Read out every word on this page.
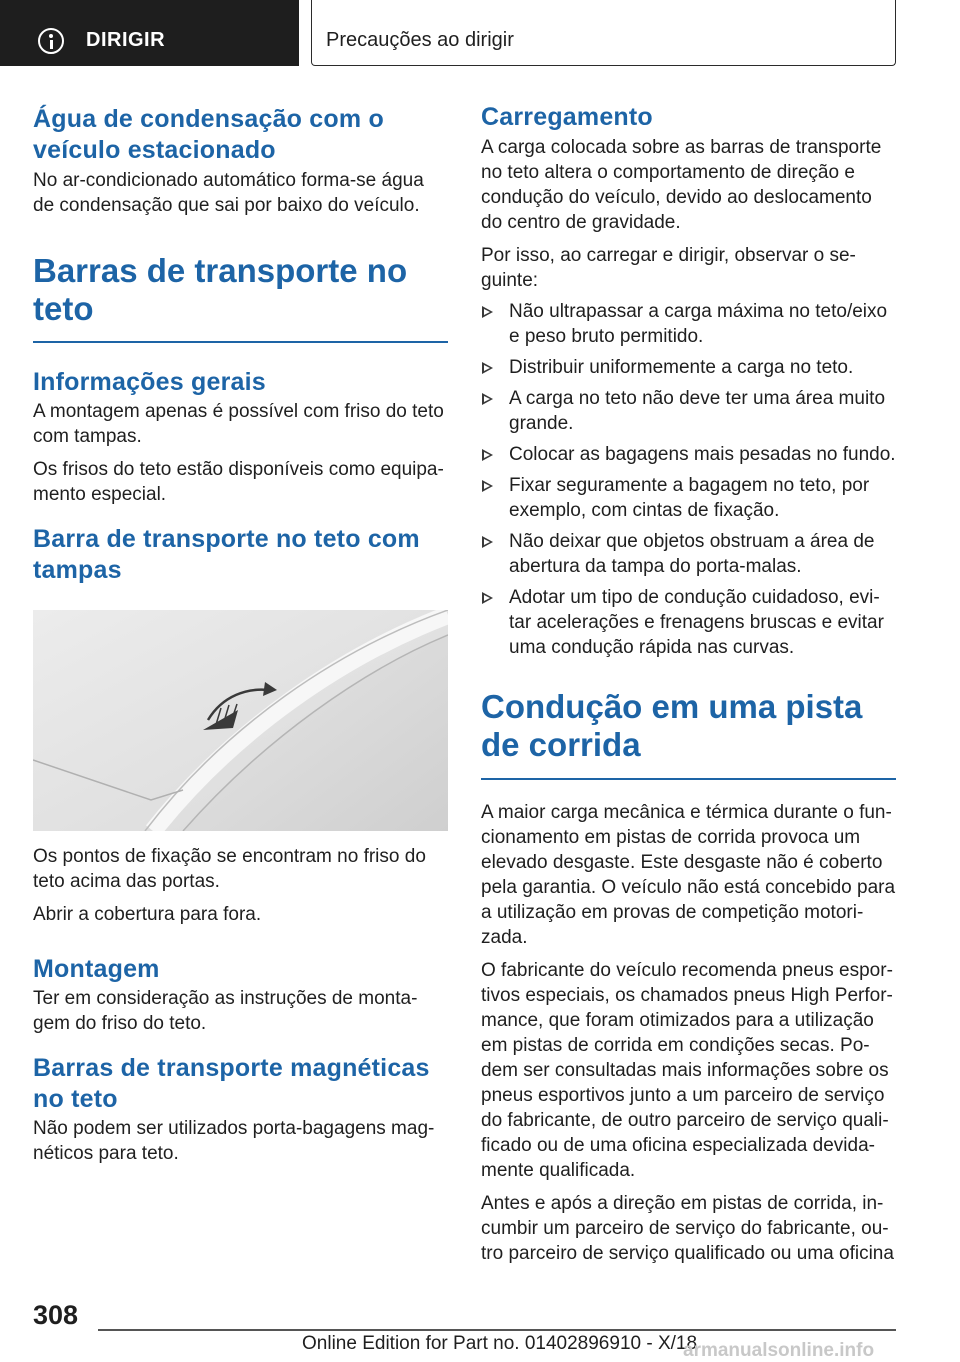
DIRIGIR	Precauções ao dirigir
Água de condensação com o veículo estacionado
No ar-condicionado automático forma-se água de condensação que sai por baixo do veículo.
Barras de transporte no teto
Informações gerais
A montagem apenas é possível com friso do teto com tampas.
Os frisos do teto estão disponíveis como equipa-mento especial.
Barra de transporte no teto com tampas
Os pontos de fixação se encontram no friso do teto acima das portas.
Abrir a cobertura para fora.
Montagem
Ter em consideração as instruções de monta-gem do friso do teto.
Barras de transporte magnéticas no teto
Não podem ser utilizados porta-bagagens mag-néticos para teto.
Carregamento
A carga colocada sobre as barras de transporte no teto altera o comportamento de direção e condução do veículo, devido ao deslocamento do centro de gravidade.
Por isso, ao carregar e dirigir, observar o se-guinte:
Não ultrapassar a carga máxima no teto/eixo e peso bruto permitido.
Distribuir uniformemente a carga no teto.
A carga no teto não deve ter uma área muito grande.
Colocar as bagagens mais pesadas no fundo.
Fixar seguramente a bagagem no teto, por exemplo, com cintas de fixação.
Não deixar que objetos obstruam a área de abertura da tampa do porta-malas.
Adotar um tipo de condução cuidadoso, evi-tar acelerações e frenagens bruscas e evitar uma condução rápida nas curvas.
Condução em uma pista de corrida
A maior carga mecânica e térmica durante o fun-cionamento em pistas de corrida provoca um elevado desgaste. Este desgaste não é coberto pela garantia. O veículo não está concebido para a utilização em provas de competição motori-zada.
O fabricante do veículo recomenda pneus espor-tivos especiais, os chamados pneus High Perfor-mance, que foram otimizados para a utilização em pistas de corrida em condições secas. Po-dem ser consultadas mais informações sobre os pneus esportivos junto a um parceiro de serviço do fabricante, de outro parceiro de serviço quali-ficado ou de uma oficina especializada devida-mente qualificada.
Antes e após a direção em pistas de corrida, in-cumbir um parceiro de serviço do fabricante, ou-tro parceiro de serviço qualificado ou uma oficina
308
Online Edition for Part no. 01402896910 - X/18
armanualsonline.info
